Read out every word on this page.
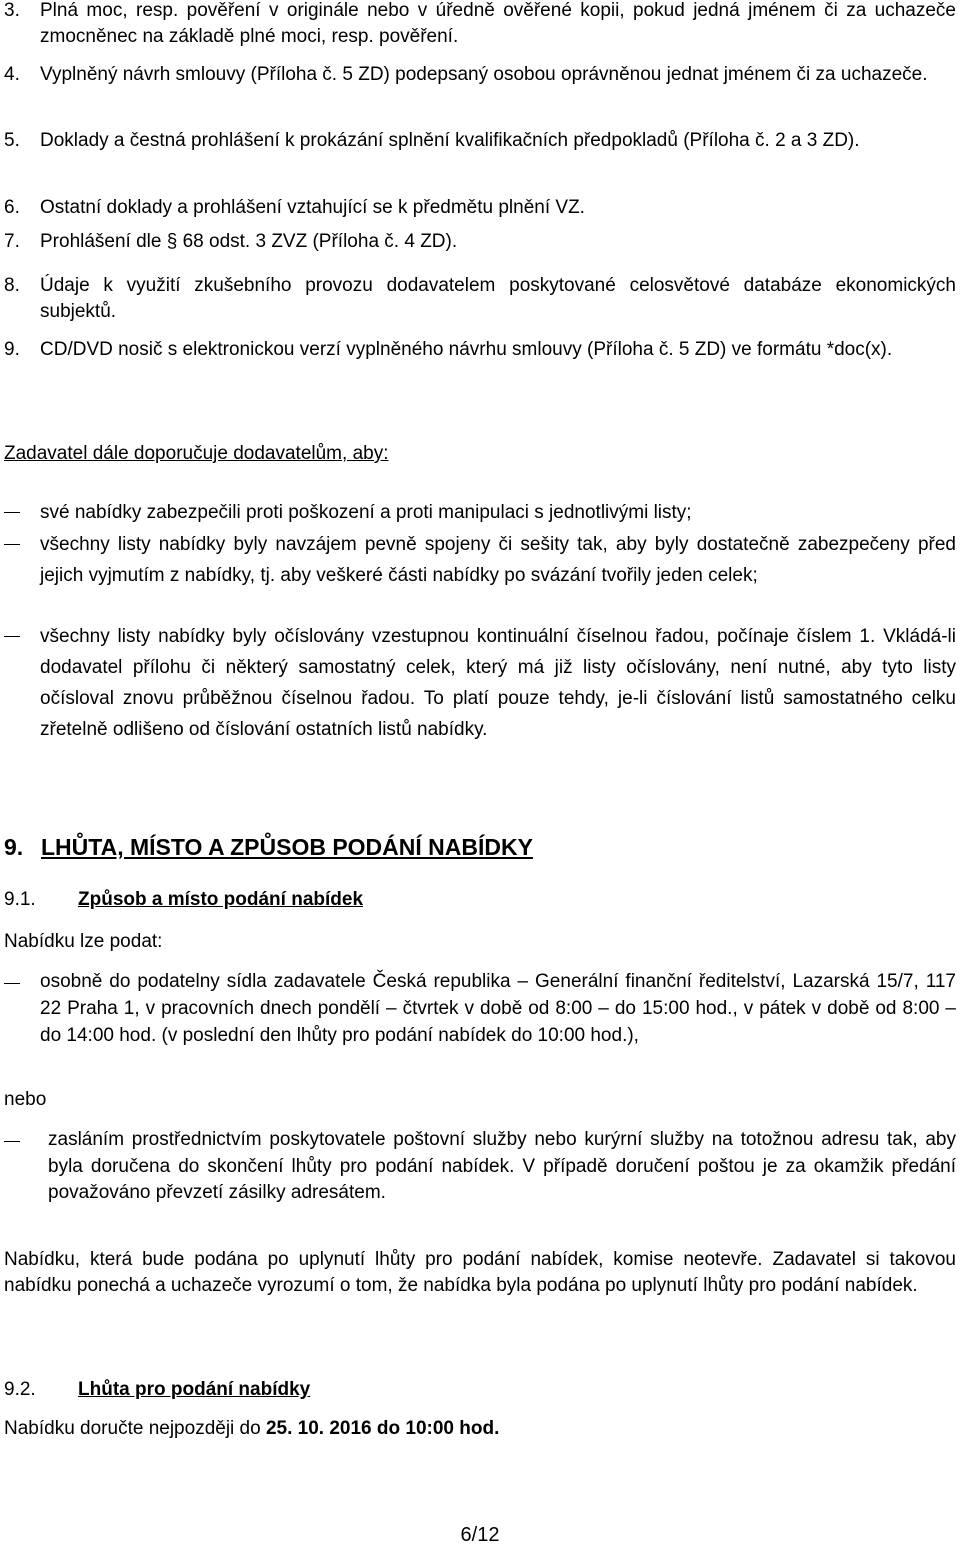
3. Plná moc, resp. pověření v originále nebo v úředně ověřené kopii, pokud jedná jménem či za uchazeče zmocněnec na základě plné moci, resp. pověření.
4. Vyplněný návrh smlouvy (Příloha č. 5 ZD) podepsaný osobou oprávněnou jednat jménem či za uchazeče.
5. Doklady a čestná prohlášení k prokázání splnění kvalifikačních předpokladů (Příloha č. 2 a 3 ZD).
6. Ostatní doklady a prohlášení vztahující se k předmětu plnění VZ.
7. Prohlášení dle § 68 odst. 3 ZVZ (Příloha č. 4 ZD).
8. Údaje k využití zkušebního provozu dodavatelem poskytované celosvětové databáze ekonomických subjektů.
9. CD/DVD nosič s elektronickou verzí vyplněného návrhu smlouvy (Příloha č. 5 ZD) ve formátu *doc(x).
Zadavatel dále doporučuje dodavatelům, aby:
své nabídky zabezpečili proti poškození a proti manipulaci s jednotlivými listy;
všechny listy nabídky byly navzájem pevně spojeny či sešity tak, aby byly dostatečně zabezpečeny před jejich vyjmutím z nabídky, tj. aby veškeré části nabídky po svázání tvořily jeden celek;
všechny listy nabídky byly očíslovány vzestupnou kontinuální číselnou řadou, počínaje číslem 1. Vkládá-li dodavatel přílohu či některý samostatný celek, který má již listy očíslovány, není nutné, aby tyto listy očísloval znovu průběžnou číselnou řadou. To platí pouze tehdy, je-li číslování listů samostatného celku zřetelně odlišeno od číslování ostatních listů nabídky.
9. LHŮTA, MÍSTO A ZPŮSOB PODÁNÍ NABÍDKY
9.1. Způsob a místo podání nabídek
Nabídku lze podat:
osobně do podatelny sídla zadavatele Česká republika – Generální finanční ředitelství, Lazarská 15/7, 117 22 Praha 1, v pracovních dnech pondělí – čtvrtek v době od 8:00 – do 15:00 hod., v pátek v době od 8:00 – do 14:00 hod. (v poslední den lhůty pro podání nabídek do 10:00 hod.),
nebo
zasláním prostřednictvím poskytovatele poštovní služby nebo kurýrní služby na totožnou adresu tak, aby byla doručena do skončení lhůty pro podání nabídek. V případě doručení poštou je za okamžik předání považováno převzetí zásilky adresátem.
Nabídku, která bude podána po uplynutí lhůty pro podání nabídek, komise neotevře. Zadavatel si takovou nabídku ponechá a uchazeče vyrozumí o tom, že nabídka byla podána po uplynutí lhůty pro podání nabídek.
9.2. Lhůta pro podání nabídky
Nabídku doručte nejpozději do 25. 10. 2016 do 10:00 hod.
6/12
